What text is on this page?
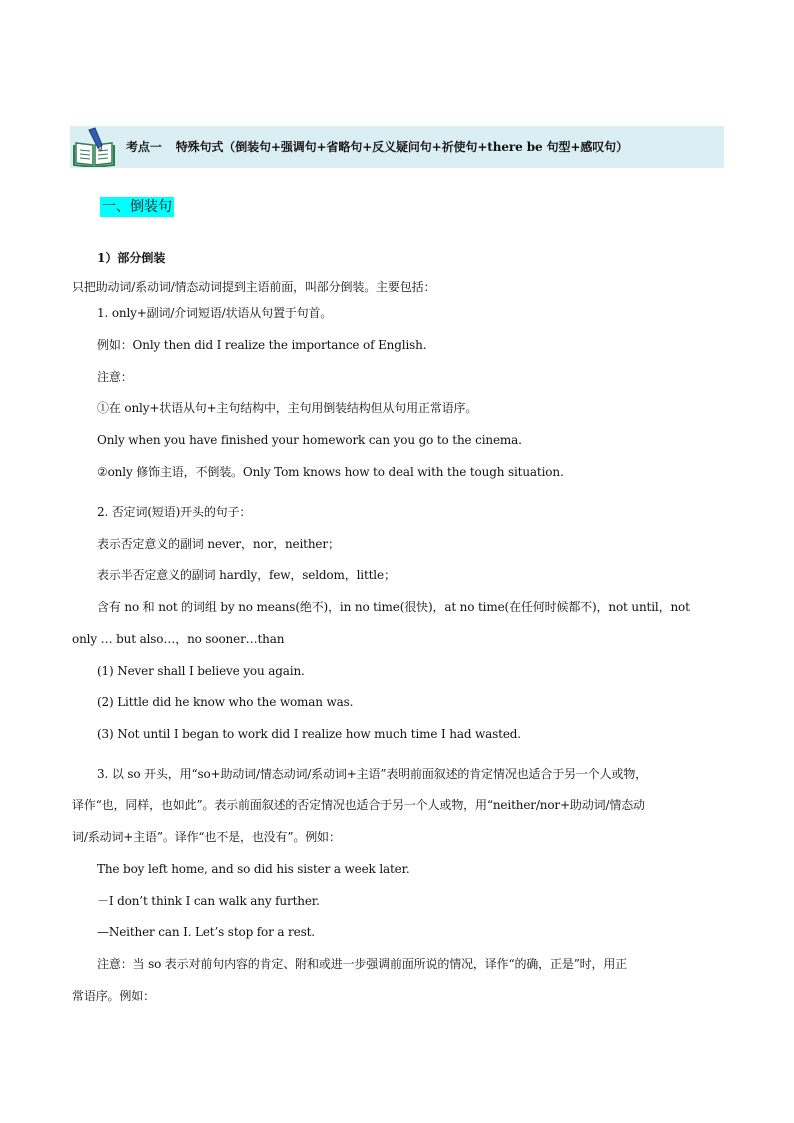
考点一 特殊句式（倒装句+强调句+省略句+反义疑问句+祈使句+there be 句型+感叹句）
一、倒装句
1）部分倒装
只把助动词/系动词/情态动词提到主语前面，叫部分倒装。主要包括：
1. only+副词/介词短语/状语从句置于句首。
例如：Only then did I realize the importance of English.
注意：
①在 only+状语从句+主句结构中，主句用倒装结构但从句用正常语序。
Only when you have finished your homework can you go to the cinema.
②only 修饰主语，不倒装。Only Tom knows how to deal with the tough situation.
2. 否定词(短语)开头的句子：
表示否定意义的副词 never，nor，neither；
表示半否定意义的副词 hardly，few，seldom，little；
含有 no 和 not 的词组 by no means(绝不)，in no time(很快)，at no time(在任何时候都不)，not until，not
only … but also…，no sooner…than
(1) Never shall I believe you again.
(2) Little did he know who the woman was.
(3) Not until I began to work did I realize how much time I had wasted.
3. 以 so 开头，用“so+助动词/情态动词/系动词+主语”表明前面叙述的肯定情况也适合于另一个人或物，
译作“也，同样，也如此”。表示前面叙述的否定情况也适合于另一个人或物，用“neither/nor+助动词/情态动
词/系动词+主语”。译作“也不是，也没有”。例如：
The boy left home, and so did his sister a week later.
－I don’t think I can walk any further.
—Neither can I. Let’s stop for a rest.
注意：当 so 表示对前句内容的肯定、附和或进一步强调前面所说的情况，译作“的确，正是”时，用正
常语序。例如：
